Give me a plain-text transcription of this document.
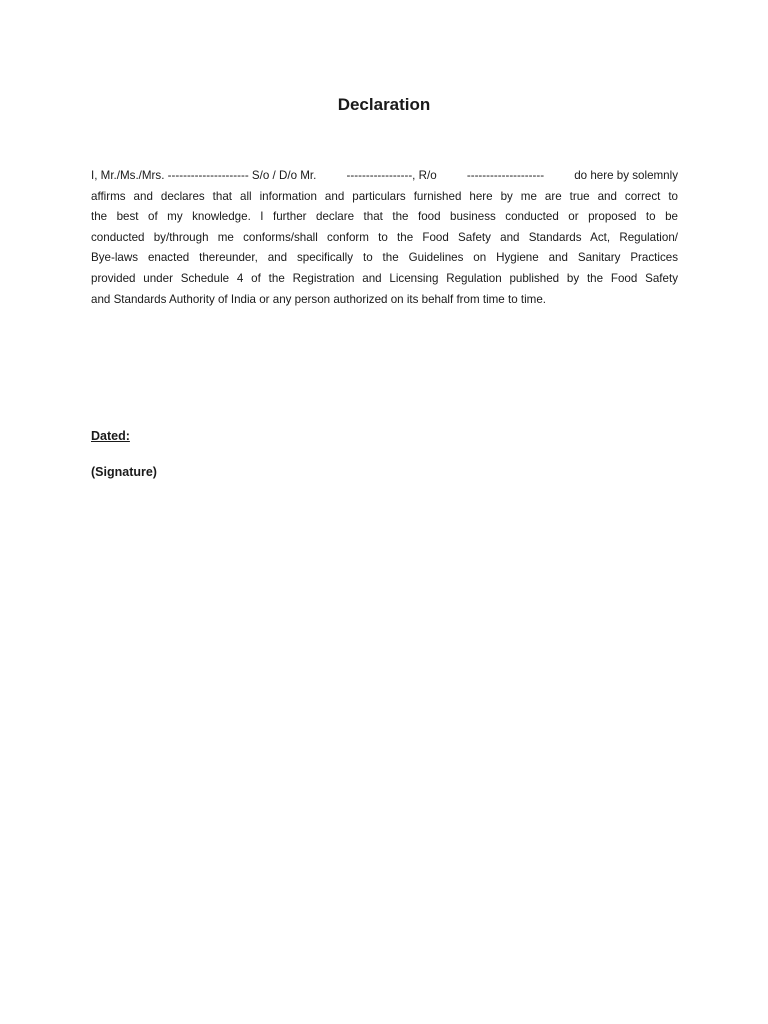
Declaration
I, Mr./Ms./Mrs. --------------------- S/o / D/o Mr.	-----------------, R/o	--------------------	do here by solemnly
affirms and declares that all information and particulars furnished here by me are true and correct to
the best of my knowledge. I further declare that the food business conducted or proposed to be
conducted by/through me conforms/shall conform to the Food Safety and Standards Act, Regulation/
Bye-laws enacted thereunder, and specifically to the Guidelines on Hygiene and Sanitary Practices
provided under Schedule 4 of the Registration and Licensing Regulation published by the Food Safety
and Standards Authority of India or any person authorized on its behalf from time to time.

Dated:

(Signature)
